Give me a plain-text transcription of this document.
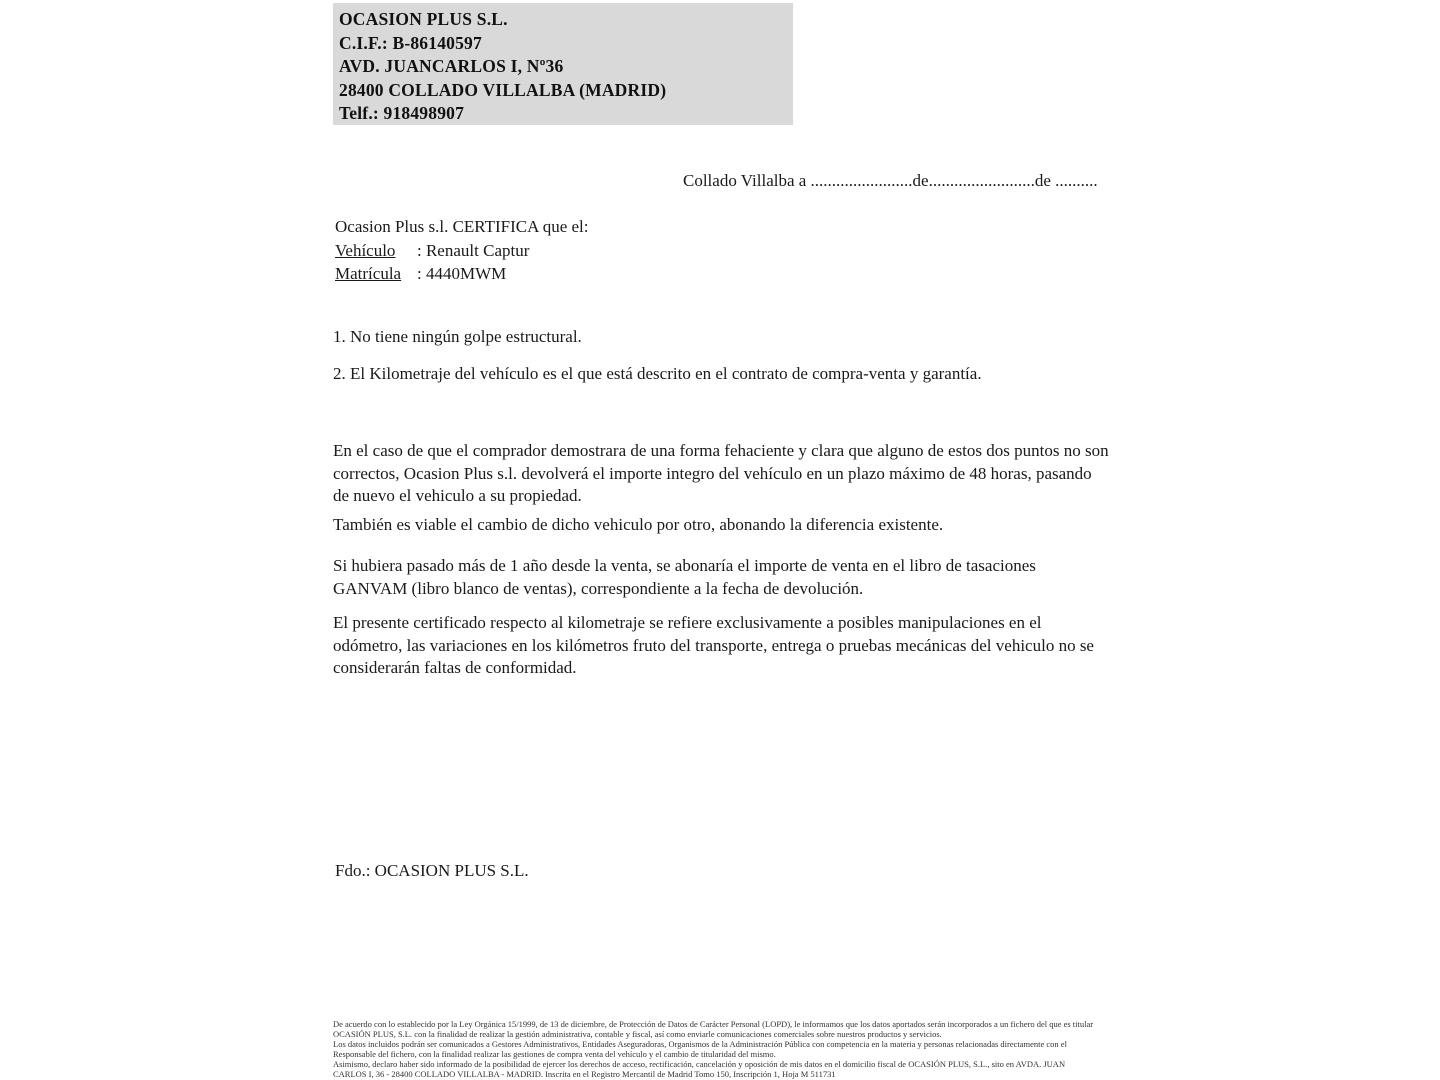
OCASION PLUS S.L.
C.I.F.: B-86140597
AVD. JUANCARLOS I, Nº36
28400 COLLADO VILLALBA (MADRID)
Telf.: 918498907
Collado Villalba a ........................de.........................de ..........
Ocasion Plus s.l. CERTIFICA que el:
Vehículo : Renault Captur
Matrícula : 4440MWM
1. No tiene ningún golpe estructural.
2. El Kilometraje del vehículo es el que está descrito en el contrato de compra-venta y garantía.
En el caso de que el comprador demostrara de una forma fehaciente y clara que alguno de estos dos puntos no son correctos, Ocasion Plus s.l. devolverá el importe integro del vehículo en un plazo máximo de 48 horas, pasando de nuevo el vehiculo a su propiedad.
También es viable el cambio de dicho vehiculo por otro, abonando la diferencia existente.
Si hubiera pasado más de 1 año desde la venta, se abonaría el importe de venta en el libro de tasaciones GANVAM (libro blanco de ventas), correspondiente a la fecha de devolución.
El presente certificado respecto al kilometraje se refiere exclusivamente a posibles manipulaciones en el odómetro, las variaciones en los kilómetros fruto del transporte, entrega o pruebas mecánicas del vehiculo no se considerarán faltas de conformidad.
Fdo.: OCASION PLUS S.L.
De acuerdo con lo establecido por la Ley Orgánica 15/1999, de 13 de diciembre, de Protección de Datos de Carácter Personal (LOPD), le informamos que los datos aportados serán incorporados a un fichero del que es titular
OCASIÓN PLUS, S.L. con la finalidad de realizar la gestión administrativa, contable y fiscal, así como enviarle comunicaciones comerciales sobre nuestros productos y servicios.
Los datos incluidos podrán ser comunicados a Gestores Administrativos, Entidades Aseguradoras, Organismos de la Administración Pública con competencia en la materia y personas relacionadas directamente con el
Responsable del fichero, con la finalidad realizar las gestiones de compra venta del vehículo y el cambio de titularidad del mismo.
Asimismo, declaro haber sido informado de la posibilidad de ejercer los derechos de acceso, rectificación, cancelación y oposición de mis datos en el domicilio fiscal de OCASIÓN PLUS, S.L., sito en AVDA. JUAN
CARLOS I, 36 - 28400 COLLADO VILLALBA - MADRID. Inscrita en el Registro Mercantil de Madrid Tomo 150, Inscripción 1, Hoja M 511731
